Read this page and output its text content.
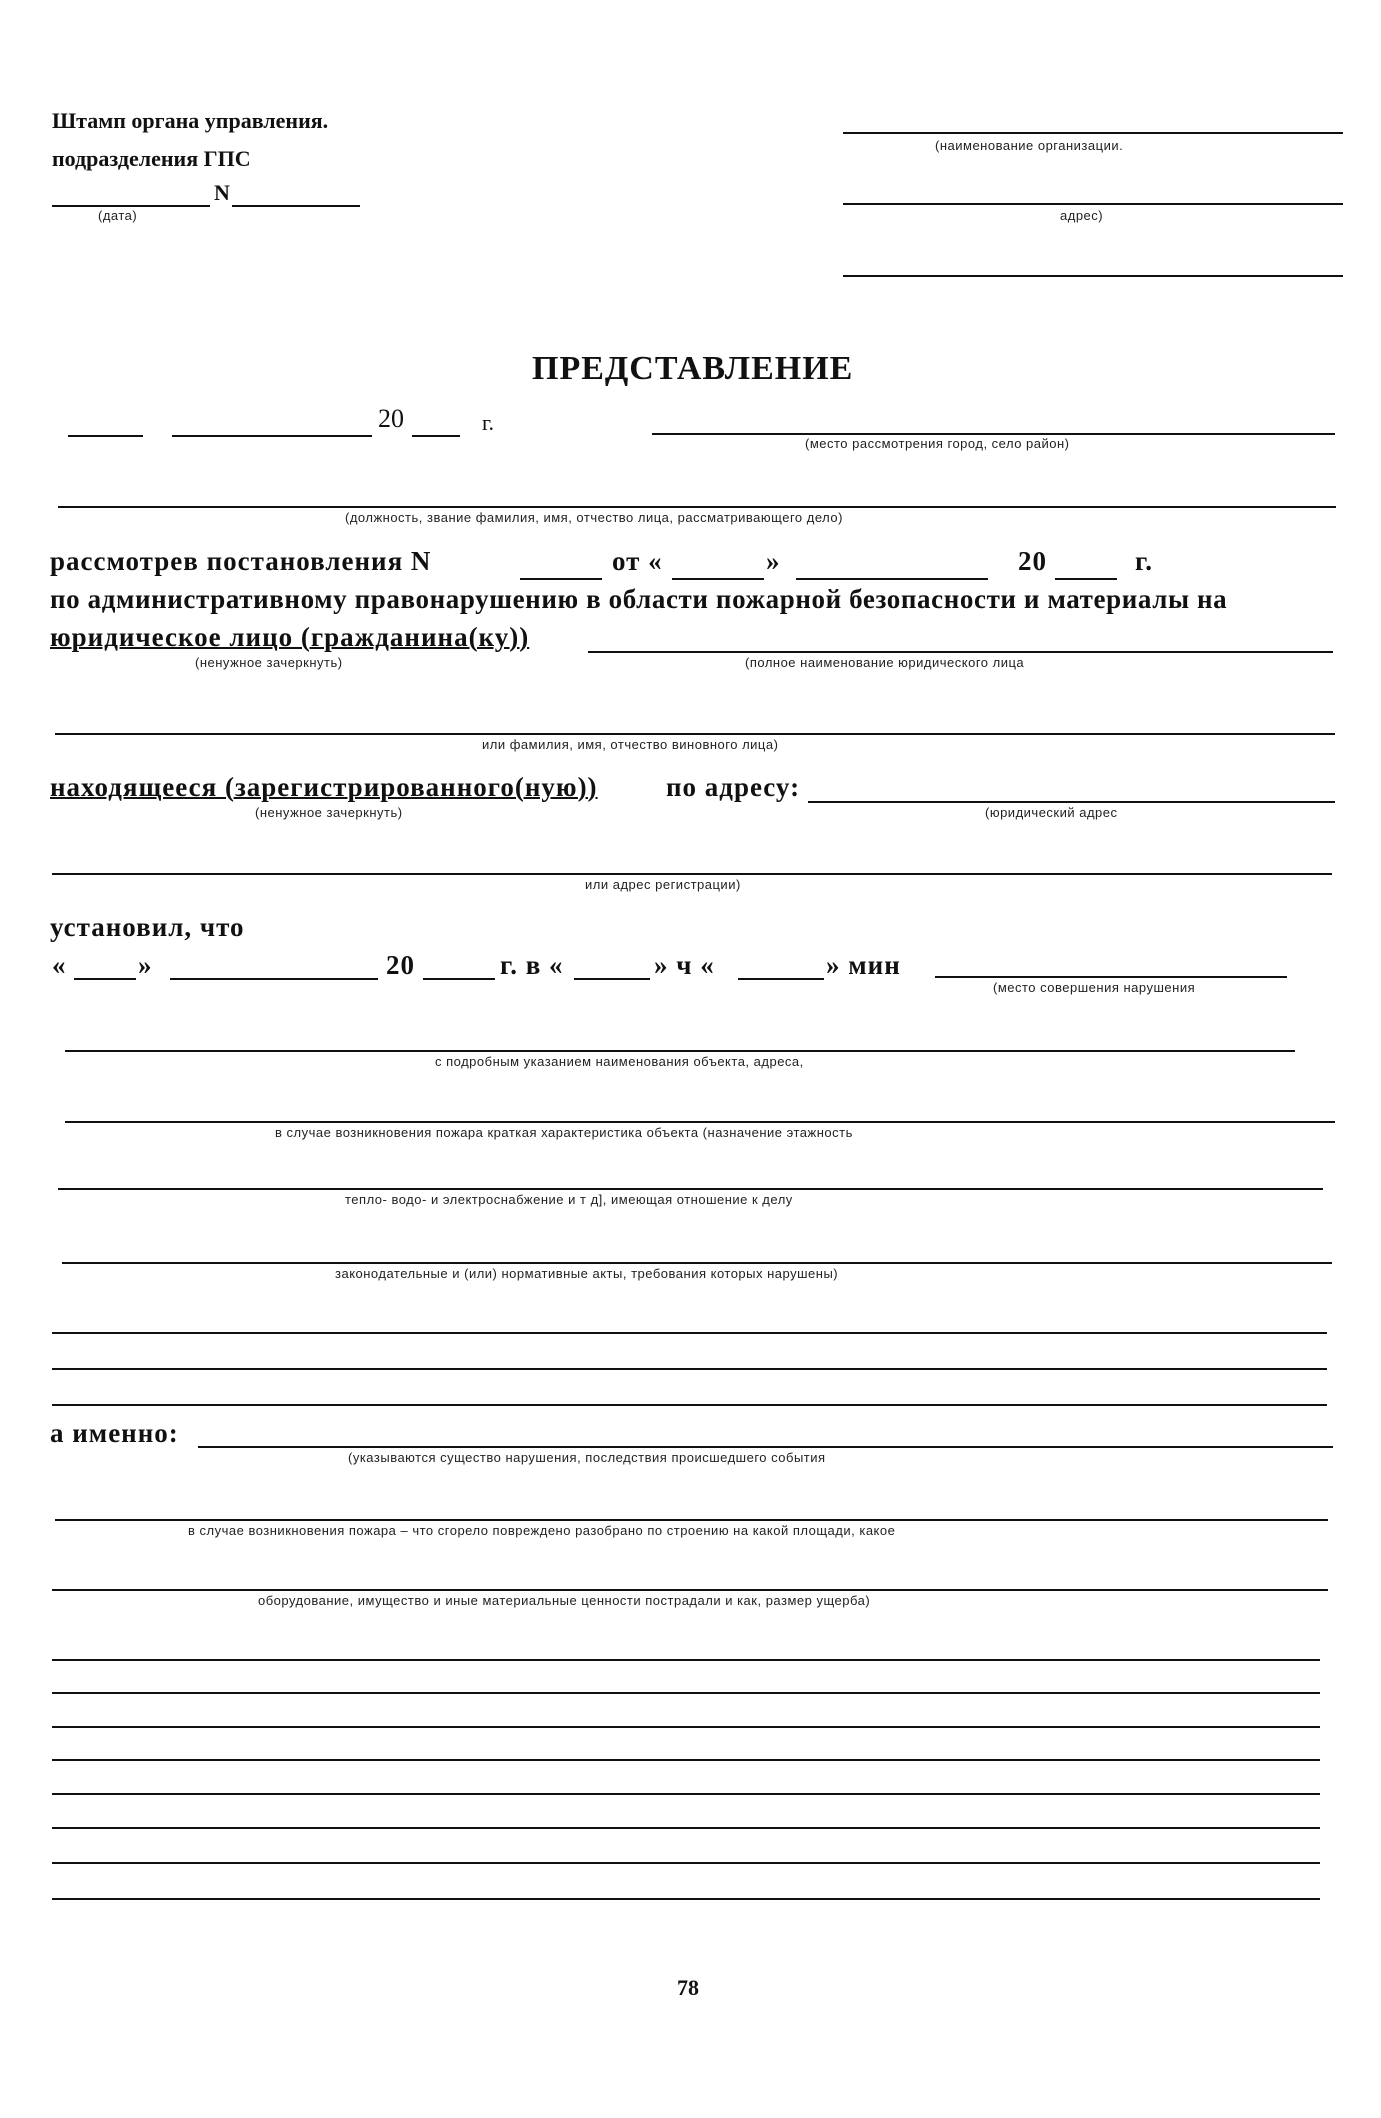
Штамп органа управления.
подразделения ГПС
N
(дата)
(наименование организации.
адрес)
ПРЕДСТАВЛЕНИЕ
20	г.
(место рассмотрения город, село район)
(должность, звание фамилия, имя, отчество лица, рассматривающего дело)
рассмотрев постановления N	от «	»	20	г.
по административному правонарушению в области пожарной безопасности и материалы на
юридическое лицо (гражданина(ку))
(ненужное зачеркнуть)	(полное наименование юридического лица
или фамилия, имя, отчество виновного лица)
находящееся (зарегистрированного(ную))	по адресу:
(ненужное зачеркнуть)	(юридический адрес
или адрес регистрации)
установил, что
«	»	20	г. в «	» ч «	» мин
(место совершения нарушения
с подробным указанием наименования объекта, адреса,
в случае возникновения пожара краткая характеристика объекта (назначение этажность
тепло- водо- и электроснабжение и т д], имеющая отношение к делу
законодательные и (или) нормативные акты, требования которых нарушены)
а именно:
(указываются существо нарушения, последствия происшедшего события
в случае возникновения пожара – что сгорело повреждено разобрано по строению на какой площади, какое
оборудование, имущество и иные материальные ценности пострадали и как, размер ущерба)
78
